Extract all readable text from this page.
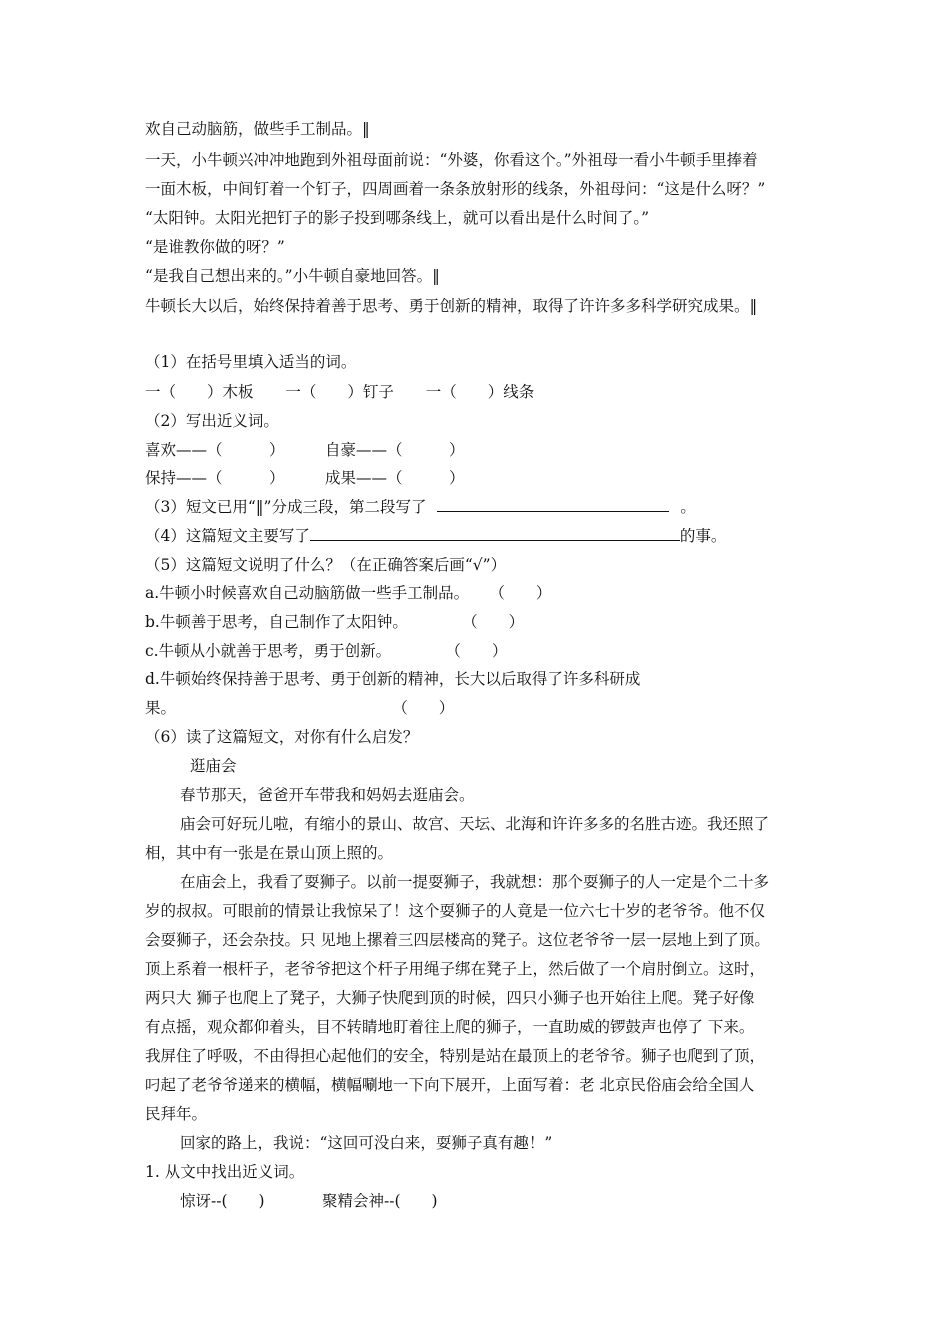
欢自己动脑筋，做些手工制品。‖
一天，小牛顿兴冲冲地跑到外祖母面前说：“外婆，你看这个。”外祖母一看小牛顿手里捧着
一面木板，中间钉着一个钉子，四周画着一条条放射形的线条，外祖母问：“这是什么呀？”
“太阳钟。太阳光把钉子的影子投到哪条线上，就可以看出是什么时间了。”
“是谁教你做的呀？”
“是我自己想出来的。”小牛顿自豪地回答。‖
牛顿长大以后，始终保持着善于思考、勇于创新的精神，取得了许许多多科学研究成果。‖
（1）在括号里填入适当的词。
一（　　）木板 一（　　）钉子 一（　　）线条
（2）写出近义词。
喜欢——（　　　）	自豪——（　　　）
保持——（　　　）	成果——（　　　）
（3）短文已用“‖”分成三段，第二段写了	。
（4）这篇短文主要写了	的事。
（5）这篇短文说明了什么？（在正确答案后画“√”）
a.牛顿小时候喜欢自己动脑筋做一些手工制品。 （　　）
b.牛顿善于思考，自己制作了太阳钟。	（　　）
c.牛顿从小就善于思考，勇于创新。	（　　）
d.牛顿始终保持善于思考、勇于创新的精神，长大以后取得了许多科研成
果。	（　　）
（6）读了这篇短文，对你有什么启发？
逛庙会
春节那天，爸爸开车带我和妈妈去逛庙会。
庙会可好玩儿啦，有缩小的景山、故宫、天坛、北海和许许多多的名胜古迹。我还照了
相，其中有一张是在景山顶上照的。
在庙会上，我看了耍狮子。以前一提耍狮子，我就想：那个耍狮子的人一定是个二十多
岁的叔叔。可眼前的情景让我惊呆了！这个耍狮子的人竟是一位六七十岁的老爷爷。他不仅
会耍狮子，还会杂技。只 见地上摞着三四层楼高的凳子。这位老爷爷一层一层地上到了顶。
顶上系着一根杆子，老爷爷把这个杆子用绳子绑在凳子上，然后做了一个肩肘倒立。这时，
两只大 狮子也爬上了凳子，大狮子快爬到顶的时候，四只小狮子也开始往上爬。凳子好像
有点摇，观众都仰着头，目不转睛地盯着往上爬的狮子，一直助威的锣鼓声也停了 下来。
我屏住了呼吸，不由得担心起他们的安全，特别是站在最顶上的老爷爷。狮子也爬到了顶，
叼起了老爷爷递来的横幅，横幅唰地一下向下展开，上面写着：老 北京民俗庙会给全国人
民拜年。
回家的路上，我说：“这回可没白来，耍狮子真有趣！”
1. 从文中找出近义词。
惊讶--(　　)	聚精会神--(　　)
